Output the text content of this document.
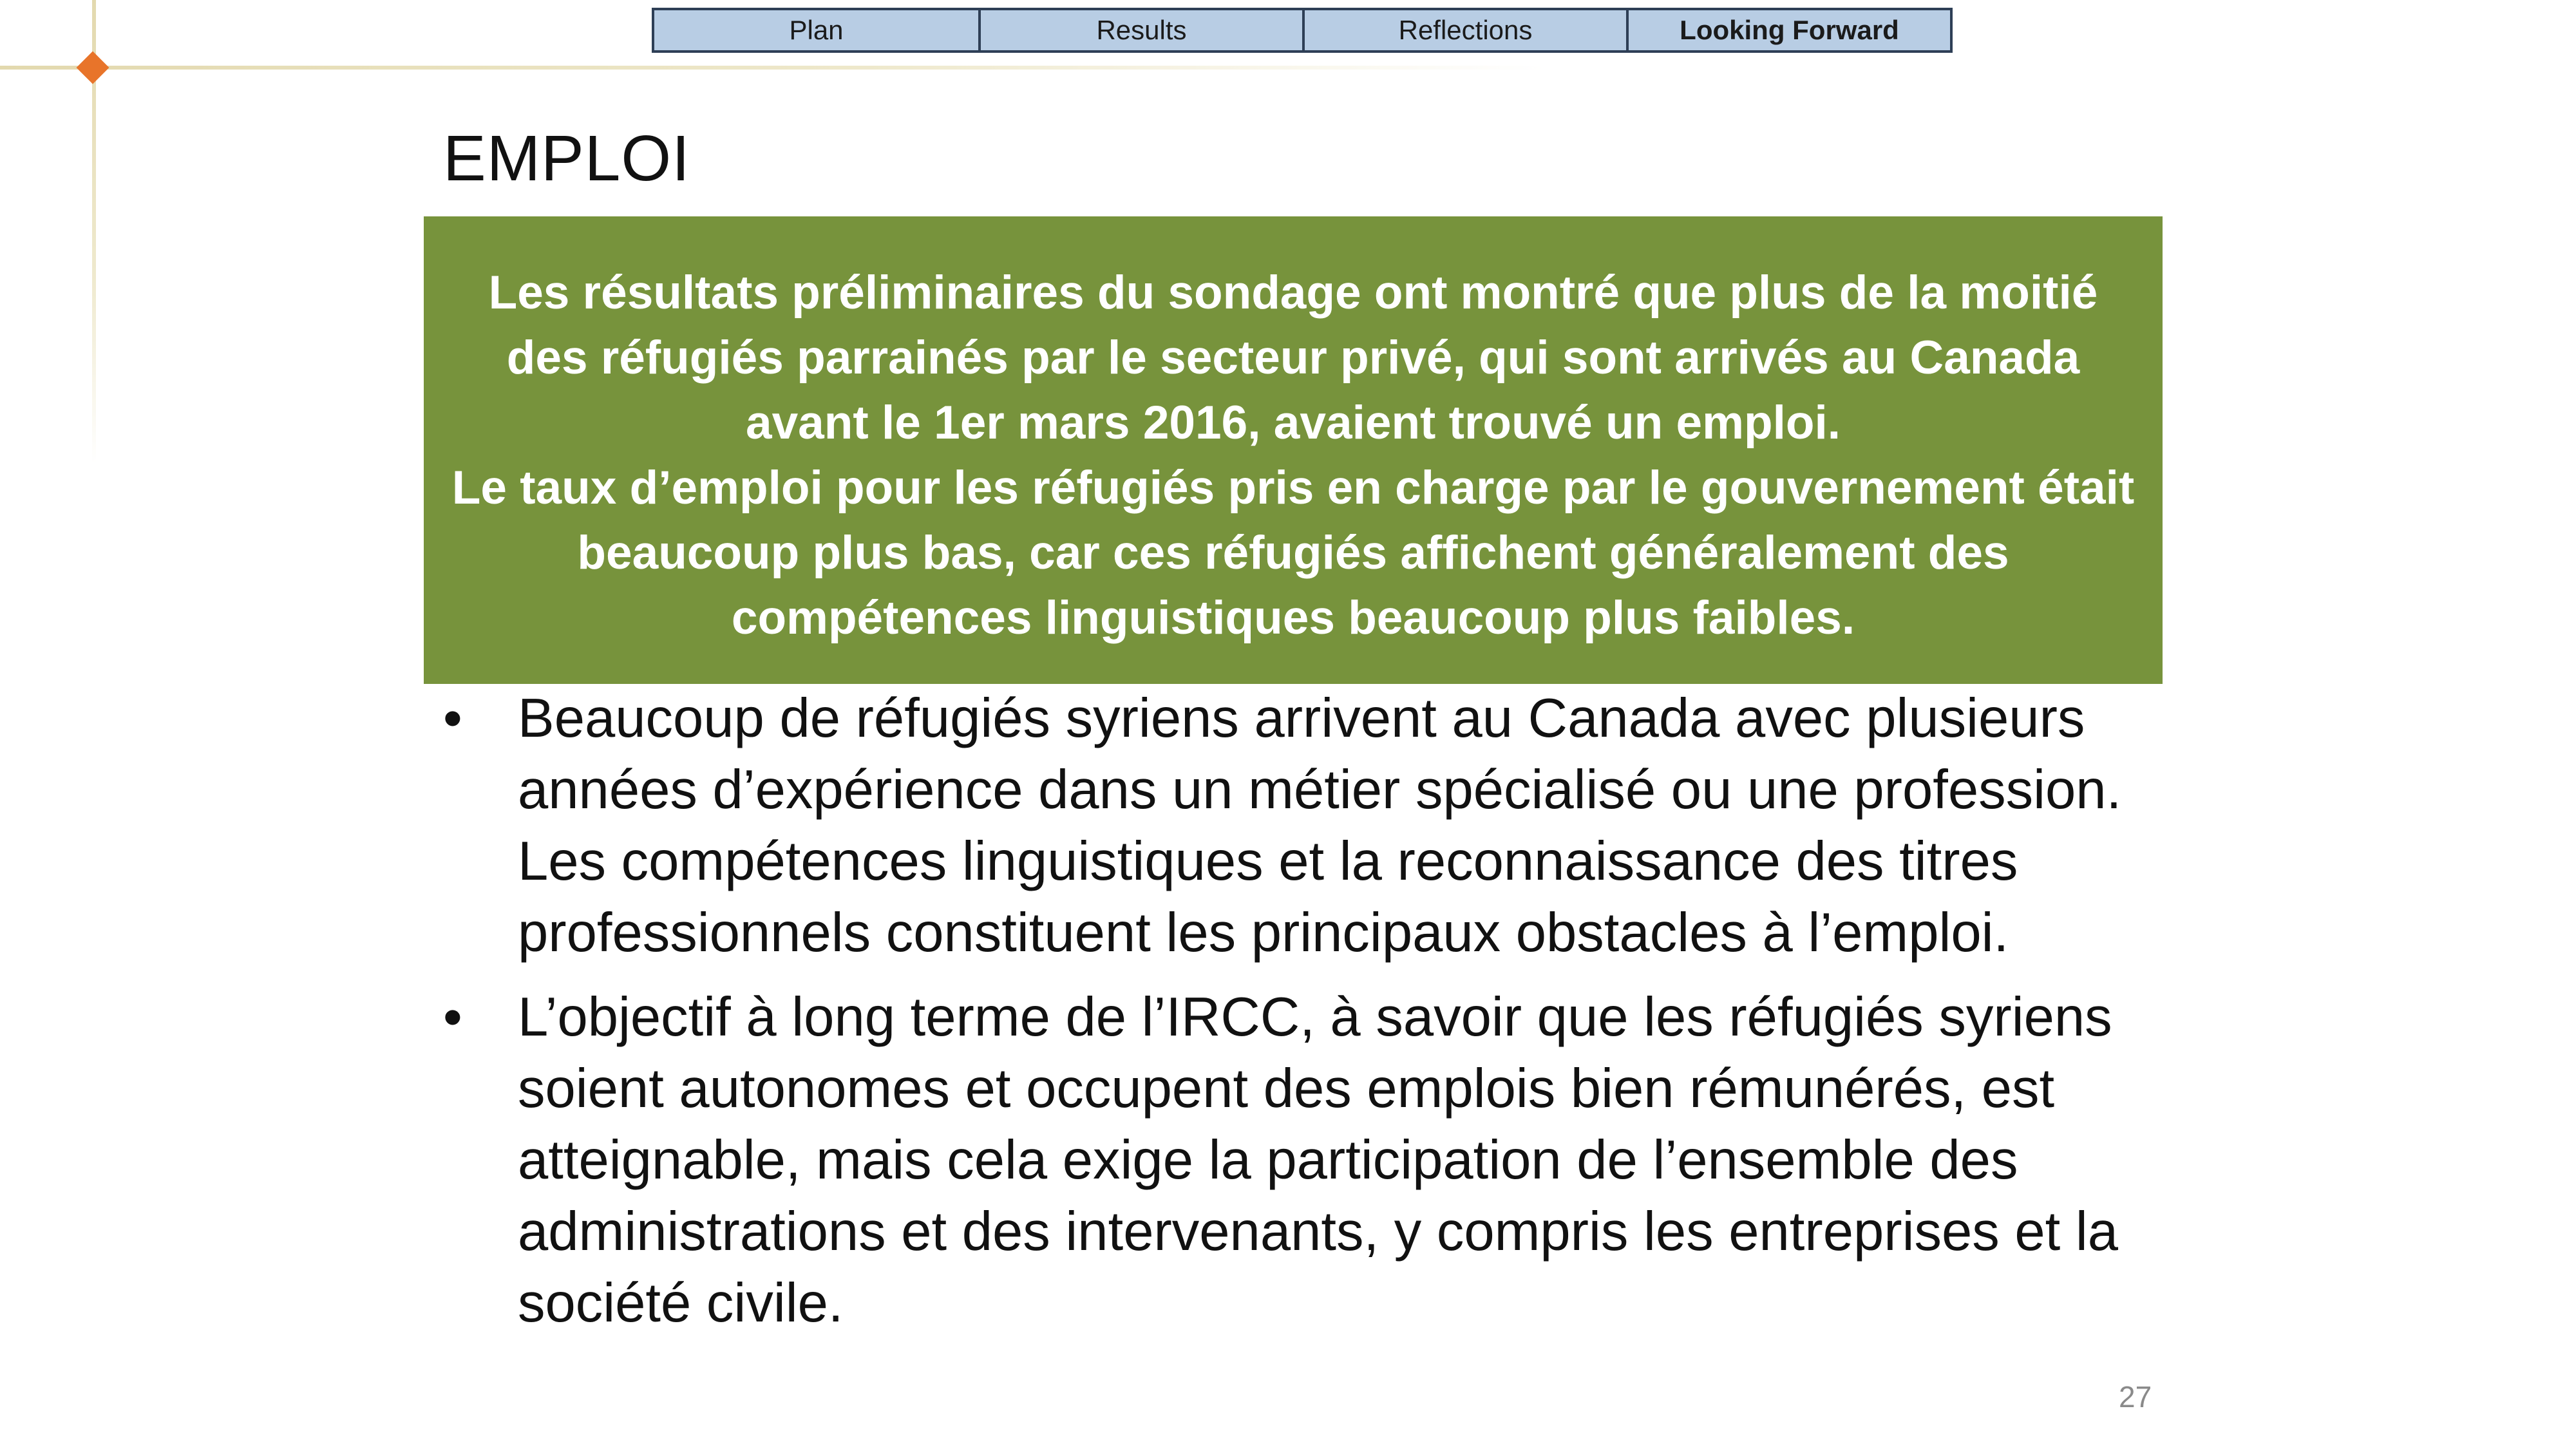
Plan	Results	Reflections	Looking Forward
EMPLOI

Les résultats préliminaires du sondage ont montré que plus de la moitié des réfugiés parrainés par le secteur privé, qui sont arrivés au Canada avant le 1er mars 2016, avaient trouvé un emploi.

Le taux d’emploi pour les réfugiés pris en charge par le gouvernement était beaucoup plus bas, car ces réfugiés affichent généralement des compétences linguistiques beaucoup plus faibles.

• Beaucoup de réfugiés syriens arrivent au Canada avec plusieurs années d’expérience dans un métier spécialisé ou une profession. Les compétences linguistiques et la reconnaissance des titres professionnels constituent les principaux obstacles à l’emploi.
• L’objectif à long terme de l’IRCC, à savoir que les réfugiés syriens soient autonomes et occupent des emplois bien rémunérés, est atteignable, mais cela exige la participation de l’ensemble des administrations et des intervenants, y compris les entreprises et la société civile.
27
